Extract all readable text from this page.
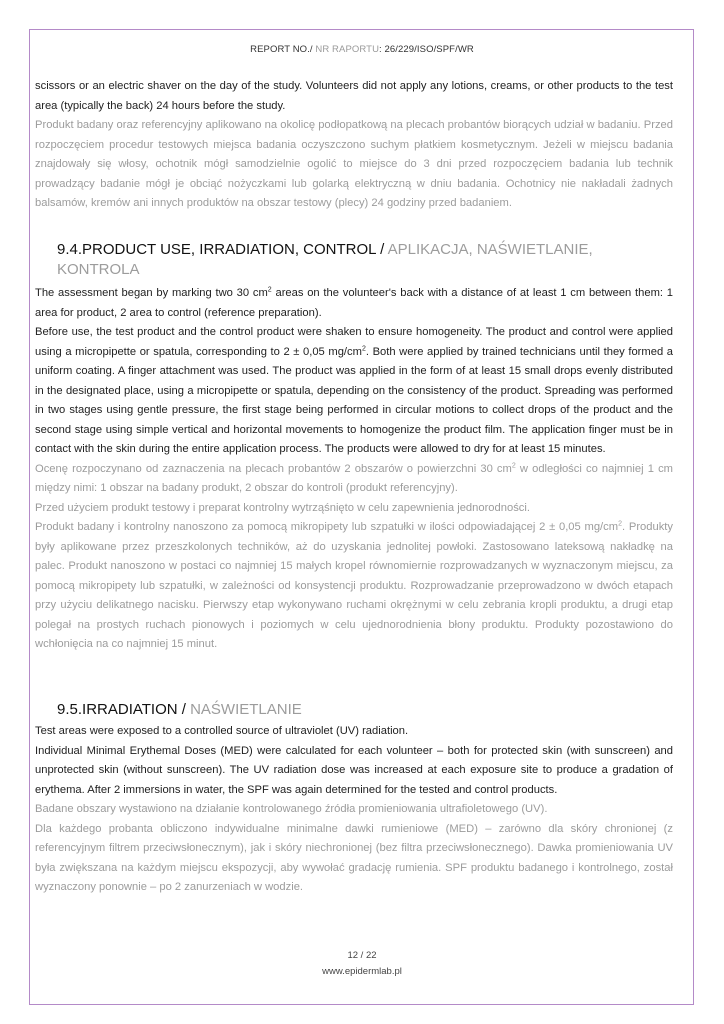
REPORT NO./ NR RAPORTU: 26/229/ISO/SPF/WR

scissors or an electric shaver on the day of the study. Volunteers did not apply any lotions, creams, or other products to the test area (typically the back) 24 hours before the study.

Produkt badany oraz referencyjny aplikowano na okolicę podłopatkową na plecach probantów biorących udział w badaniu. Przed rozpoczęciem procedur testowych miejsca badania oczyszczono suchym płatkiem kosmetycznym. Jeżeli w miejscu badania znajdowały się włosy, ochotnik mógł samodzielnie ogolić to miejsce do 3 dni przed rozpoczęciem badania lub technik prowadzący badanie mógł je obciąć nożyczkami lub golarką elektryczną w dniu badania. Ochotnicy nie nakładali żadnych balsamów, kremów ani innych produktów na obszar testowy (plecy) 24 godziny przed badaniem.

9.4.PRODUCT USE, IRRADIATION, CONTROL / APLIKACJA, NAŚWIETLANIE, KONTROLA

The assessment began by marking two 30 $cm^2$ areas on the volunteer's back with a distance of at least 1 cm between them: 1 area for product, 2 area to control (reference preparation).

Before use, the test product and the control product were shaken to ensure homogeneity. The product and control were applied using a micropipette or spatula, corresponding to 2 ± 0,05 $mg/cm^2$. Both were applied by trained technicians until they formed a uniform coating. A finger attachment was used. The product was applied in the form of at least 15 small drops evenly distributed in the designated place, using a micropipette or spatula, depending on the consistency of the product. Spreading was performed in two stages using gentle pressure, the first stage being performed in circular motions to collect drops of the product and the second stage using simple vertical and horizontal movements to homogenize the product film. The application finger must be in contact with the skin during the entire application process. The products were allowed to dry for at least 15 minutes.

Ocenę rozpoczynano od zaznaczenia na plecach probantów 2 obszarów o powierzchni 30 $cm^2$ w odległości co najmniej 1 cm między nimi: 1 obszar na badany produkt, 2 obszar do kontroli (produkt referencyjny).

Przed użyciem produkt testowy i preparat kontrolny wytrząśnięto w celu zapewnienia jednorodności.

Produkt badany i kontrolny nanoszono za pomocą mikropipety lub szpatułki w ilości odpowiadającej 2 ± 0,05 $mg/cm^2$. Produkty były aplikowane przez przeszkolonych techników, aż do uzyskania jednolitej powłoki. Zastosowano lateksową nakładkę na palec. Produkt nanoszono w postaci co najmniej 15 małych kropel równomiernie rozprowadzanych w wyznaczonym miejscu, za pomocą mikropipety lub szpatułki, w zależności od konsystencji produktu. Rozprowadzanie przeprowadzono w dwóch etapach przy użyciu delikatnego nacisku. Pierwszy etap wykonywano ruchami okrężnymi w celu zebrania kropli produktu, a drugi etap polegał na prostych ruchach pionowych i poziomych w celu ujednorodnienia błony produktu. Produkty pozostawiono do wchłonięcia na co najmniej 15 minut.

9.5.IRRADIATION / NAŚWIETLANIE

Test areas were exposed to a controlled source of ultraviolet (UV) radiation.

Individual Minimal Erythemal Doses (MED) were calculated for each volunteer – both for protected skin (with sunscreen) and unprotected skin (without sunscreen). The UV radiation dose was increased at each exposure site to produce a gradation of erythema. After 2 immersions in water, the SPF was again determined for the tested and control products.

Badane obszary wystawiono na działanie kontrolowanego źródła promieniowania ultrafioletowego (UV).

Dla każdego probanta obliczono indywidualne minimalne dawki rumieniowe (MED) – zarówno dla skóry chronionej (z referencyjnym filtrem przeciwsłonecznym), jak i skóry niechronionej (bez filtra przeciwsłonecznego). Dawka promieniowania UV była zwiększana na każdym miejscu ekspozycji, aby wywołać gradację rumienia. SPF produktu badanego i kontrolnego, został wyznaczony ponownie – po 2 zanurzeniach w wodzie.

12 / 22
www.epidermlab.pl
